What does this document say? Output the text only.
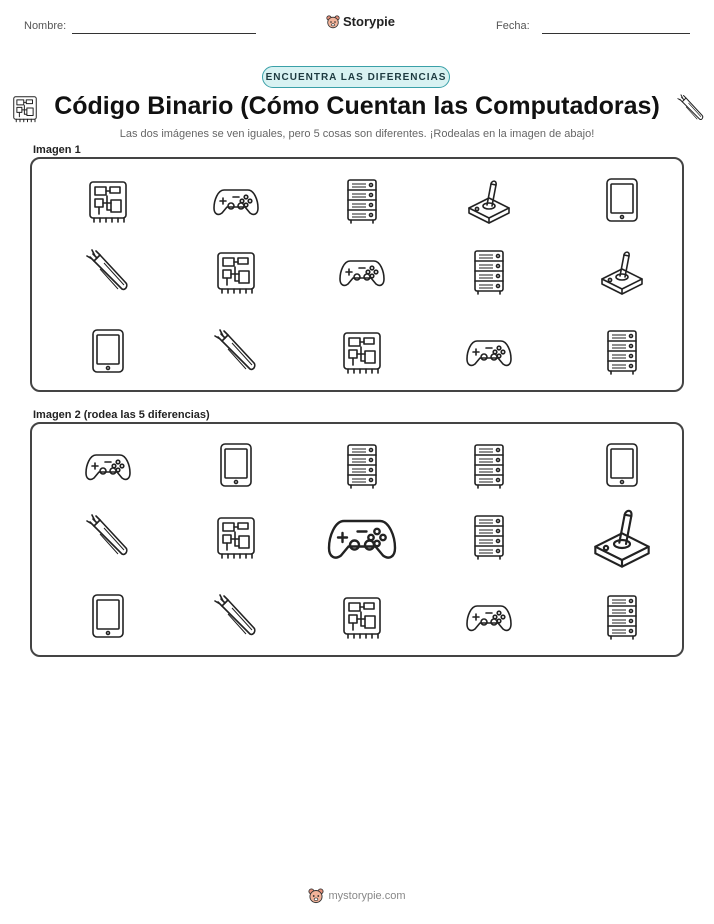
Nombre:	Storypie	Fecha:
ENCUENTRA LAS DIFERENCIAS
Código Binario (Cómo Cuentan las Computadoras)
Las dos imágenes se ven iguales, pero 5 cosas son diferentes. ¡Rodealas en la imagen de abajo!
Imagen 1
Imagen 2 (rodea las 5 diferencias)
mystorypie.com
